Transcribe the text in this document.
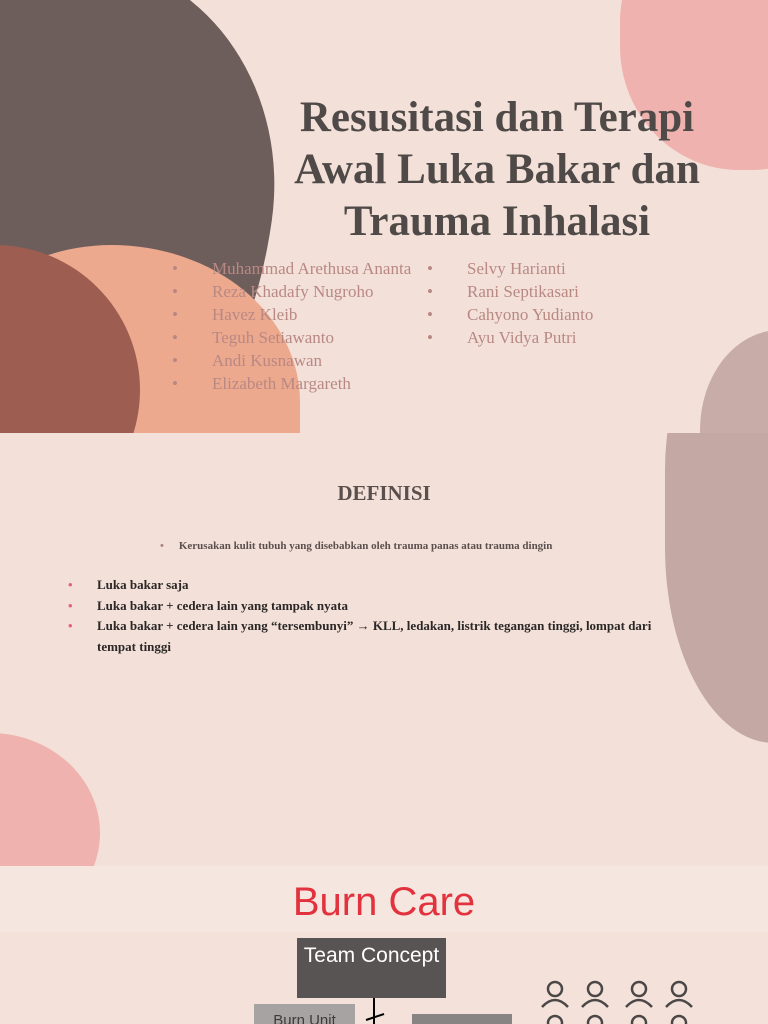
Resusitasi dan Terapi Awal Luka Bakar dan Trauma Inhalasi
• Muhammad Arethusa Ananta
• Reza Khadafy Nugroho
• Havez Kleib
• Teguh Setiawanto
• Andi Kusnawan
• Elizabeth Margareth
• Selvy Harianti
• Rani Septikasari
• Cahyono Yudianto
• Ayu Vidya Putri
DEFINISI
• Kerusakan kulit tubuh yang disebabkan oleh trauma panas atau trauma dingin
• Luka bakar saja
• Luka bakar + cedera lain yang tampak nyata
• Luka bakar + cedera lain yang “tersembunyi” → KLL, ledakan, listrik tegangan tinggi, lompat dari tempat tinggi
Burn Care
Team Concept
Burn Unit
